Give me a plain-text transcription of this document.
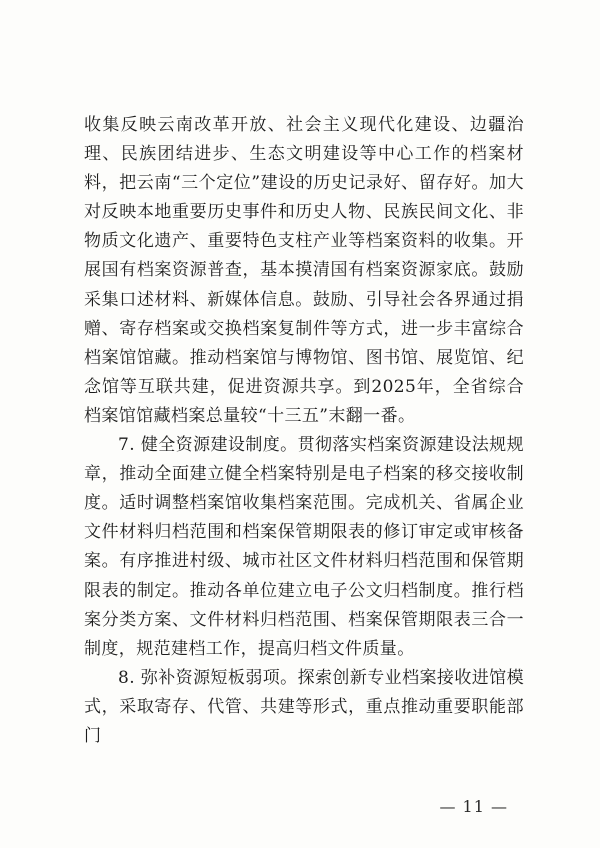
收集反映云南改革开放、社会主义现代化建设、边疆治理、民族团结进步、生态文明建设等中心工作的档案材料，把云南“三个定位”建设的历史记录好、留存好。加大对反映本地重要历史事件和历史人物、民族民间文化、非物质文化遗产、重要特色支柱产业等档案资料的收集。开展国有档案资源普查，基本摸清国有档案资源家底。鼓励采集口述材料、新媒体信息。鼓励、引导社会各界通过捐赠、寄存档案或交换档案复制件等方式，进一步丰富综合档案馆馆藏。推动档案馆与博物馆、图书馆、展览馆、纪念馆等互联共建，促进资源共享。到2025年，全省综合档案馆馆藏档案总量较“十三五”末翻一番。

7. 健全资源建设制度。贯彻落实档案资源建设法规规章，推动全面建立健全档案特别是电子档案的移交接收制度。适时调整档案馆收集档案范围。完成机关、省属企业文件材料归档范围和档案保管期限表的修订审定或审核备案。有序推进村级、城市社区文件材料归档范围和保管期限表的制定。推动各单位建立电子公文归档制度。推行档案分类方案、文件材料归档范围、档案保管期限表三合一制度，规范建档工作，提高归档文件质量。

8. 弥补资源短板弱项。探索创新专业档案接收进馆模式，采取寄存、代管、共建等形式，重点推动重要职能部门

— 11 —
